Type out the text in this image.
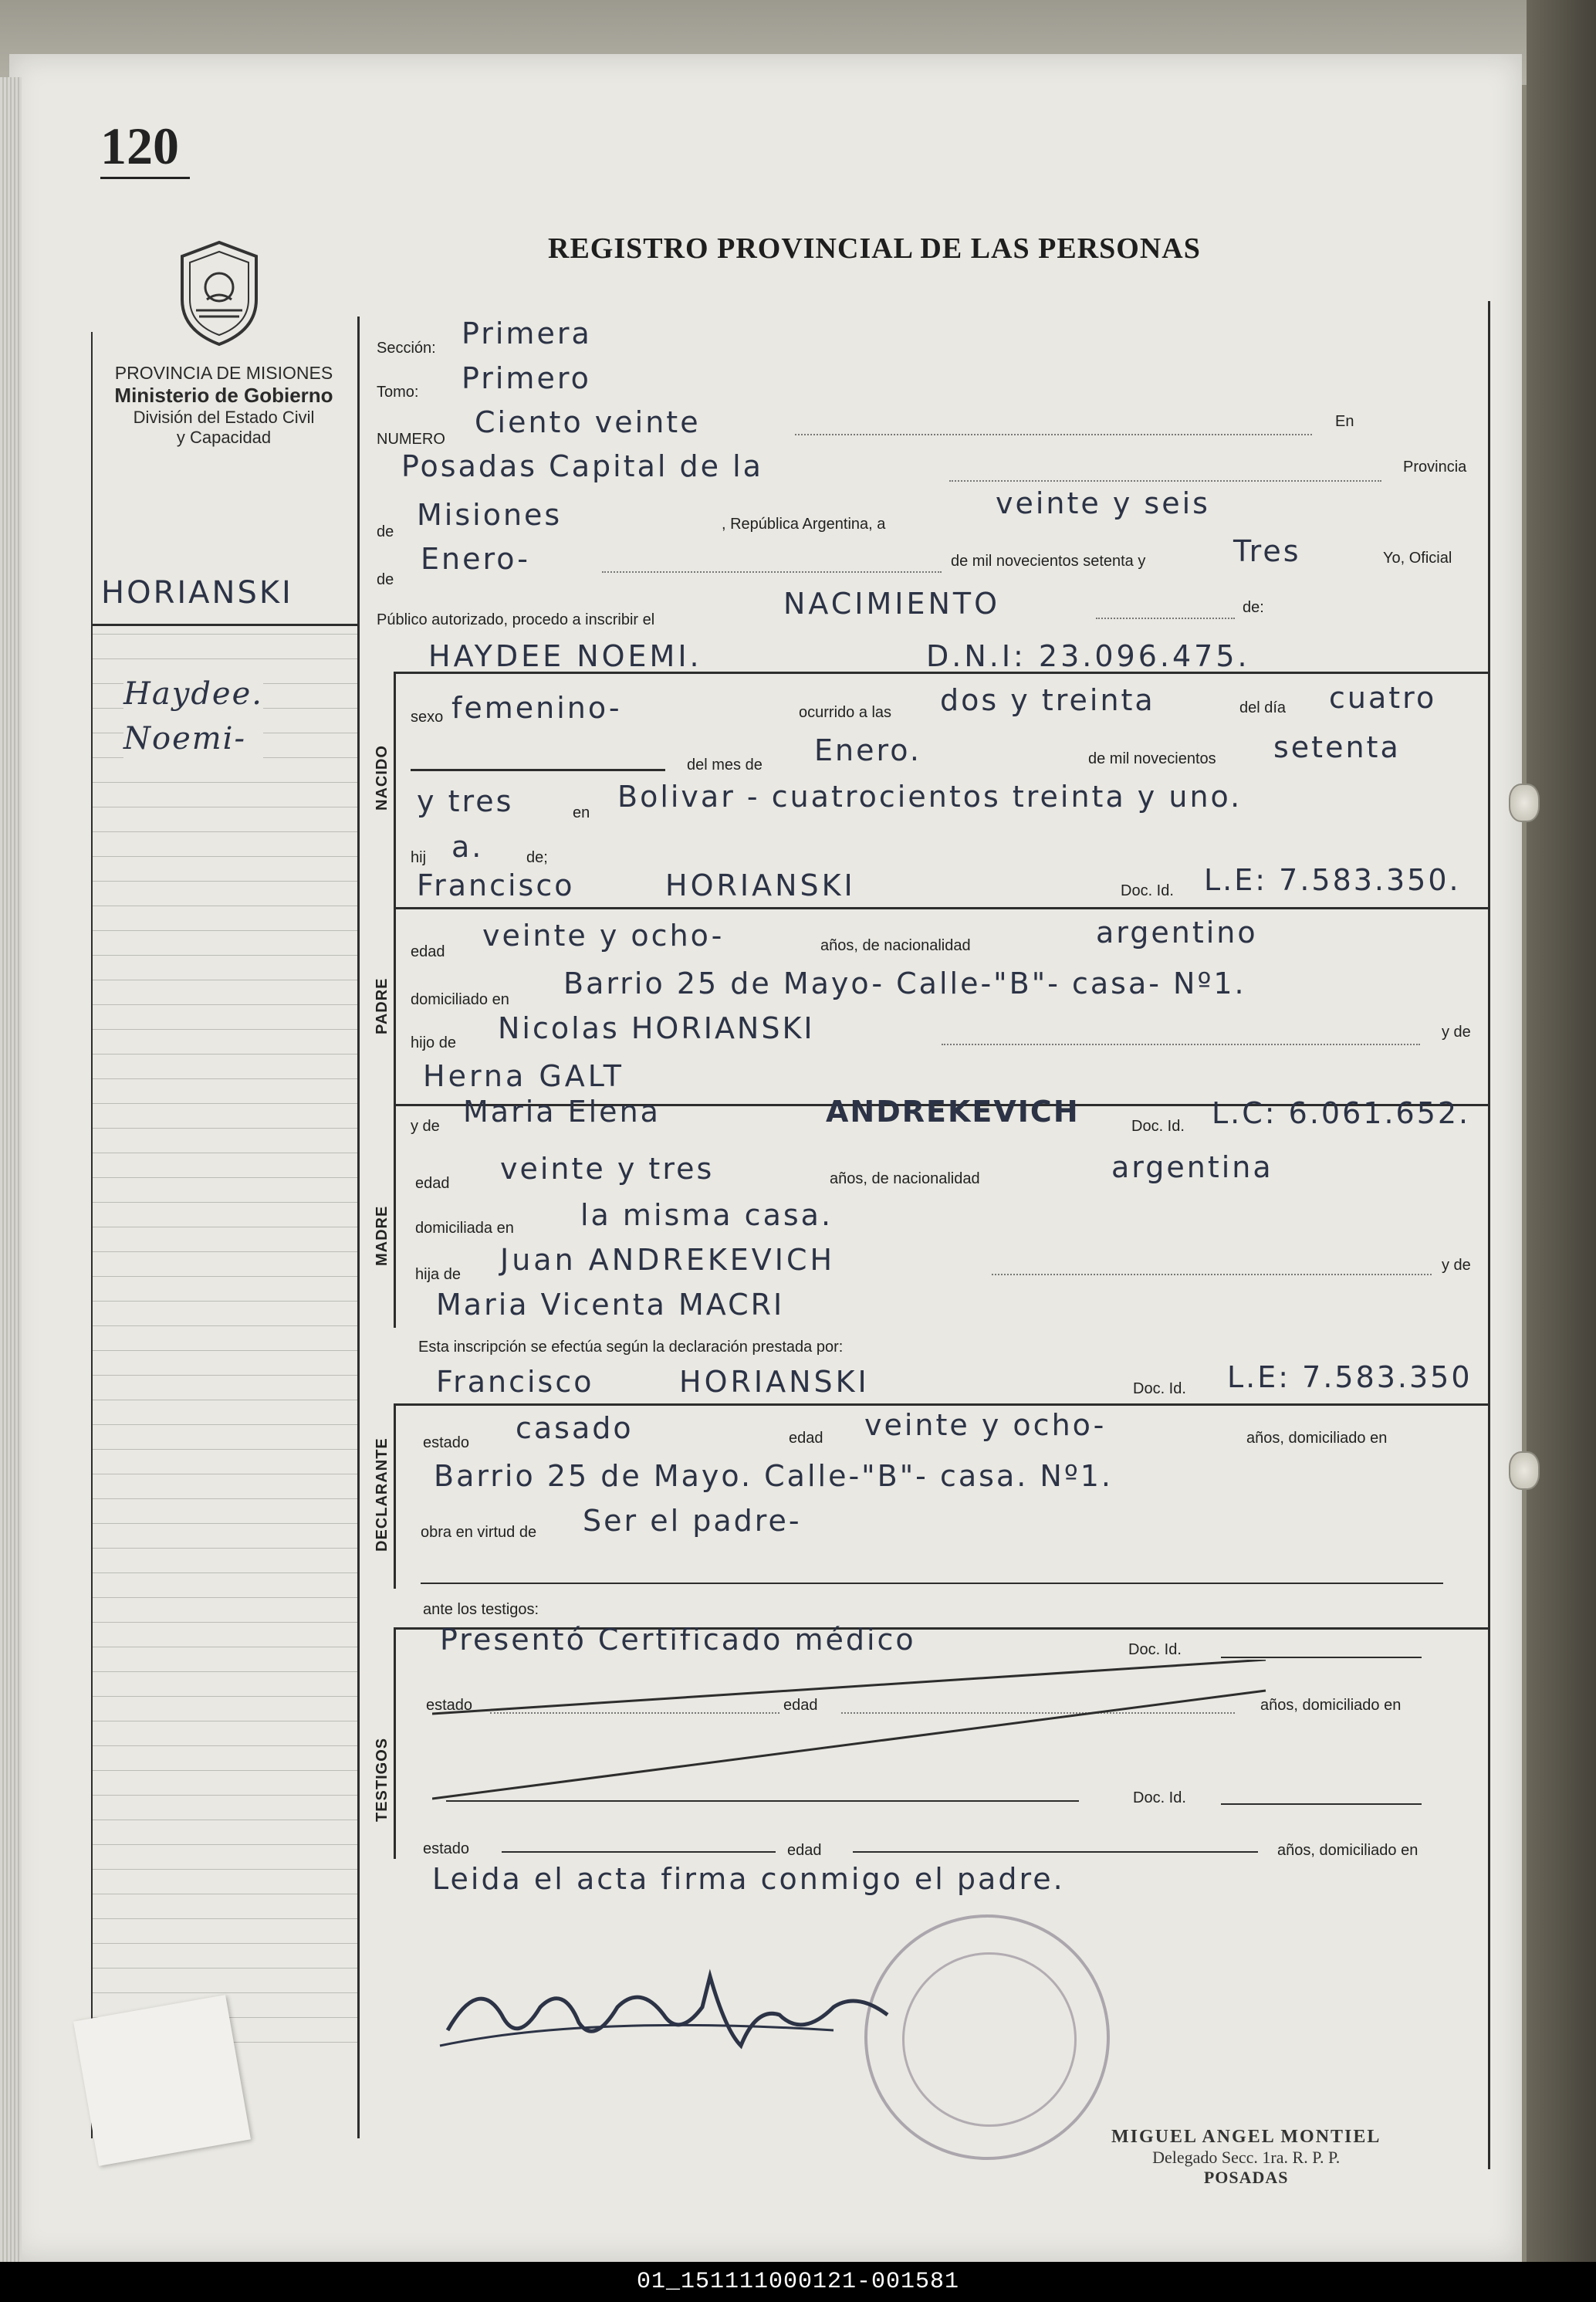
120
REGISTRO PROVINCIAL DE LAS PERSONAS
PROVINCIA DE MISIONES
Ministerio de Gobierno
División del Estado Civil
y Capacidad
HORIANSKI
Haydee.
Noemi-
Sección: Primera
Tomo: Primero
NUMERO Ciento veinte	En
Posadas Capital de la	Provincia
de Misiones	, República Argentina, a
veinte y seis
de
Enero-	de mil novecientos setenta y	Tres	Yo, Oficial
Público autorizado, procedo a inscribir el	NACIMIENTO	de:
NACIDO
HAYDEE NOEMI.	D.N.I: 23.096.475.
sexo femenino-	ocurrido a las dos y treinta	del día cuatro
del mes de Enero.	de mil novecientos setenta
y tres	en Bolivar - cuatrocientos treinta y uno.
hij a.	de;
Francisco	HORIANSKI	Doc. Id. L.E: 7.583.350.
PADRE
edad veinte y ocho-	años, de nacionalidad	argentino
domiciliado en Barrio 25 de Mayo- Calle-"B"- casa- Nº1.
hijo de Nicolas HORIANSKI	y de
Herna GALT
MADRE
y de Maria Elena	ANDREKEVICH	Doc. Id. L.C: 6.061.652.
edad veinte y tres	años, de nacionalidad	argentina
domiciliada en la misma casa.
hija de Juan ANDREKEVICH	y de
Maria Vicenta MACRI
Esta inscripción se efectúa según la declaración prestada por:
Francisco	HORIANSKI	Doc. Id. L.E: 7.583.350
DECLARANTE estado casado	edad veinte y ocho-	años, domiciliado en
Barrio 25 de Mayo. Calle-"B"- casa. Nº1.
obra en virtud de Ser el padre-
ante los testigos:
TESTIGOS
Presentó Certificado médico	Doc. Id.
estado	edad	años, domiciliado en
Doc. Id.
estado	edad	años, domiciliado en
Leida el acta firma conmigo el padre.
MIGUEL ANGEL MONTIEL
Delegado Secc. 1ra. R. P. P.
POSADAS
01_151111000121-001581
